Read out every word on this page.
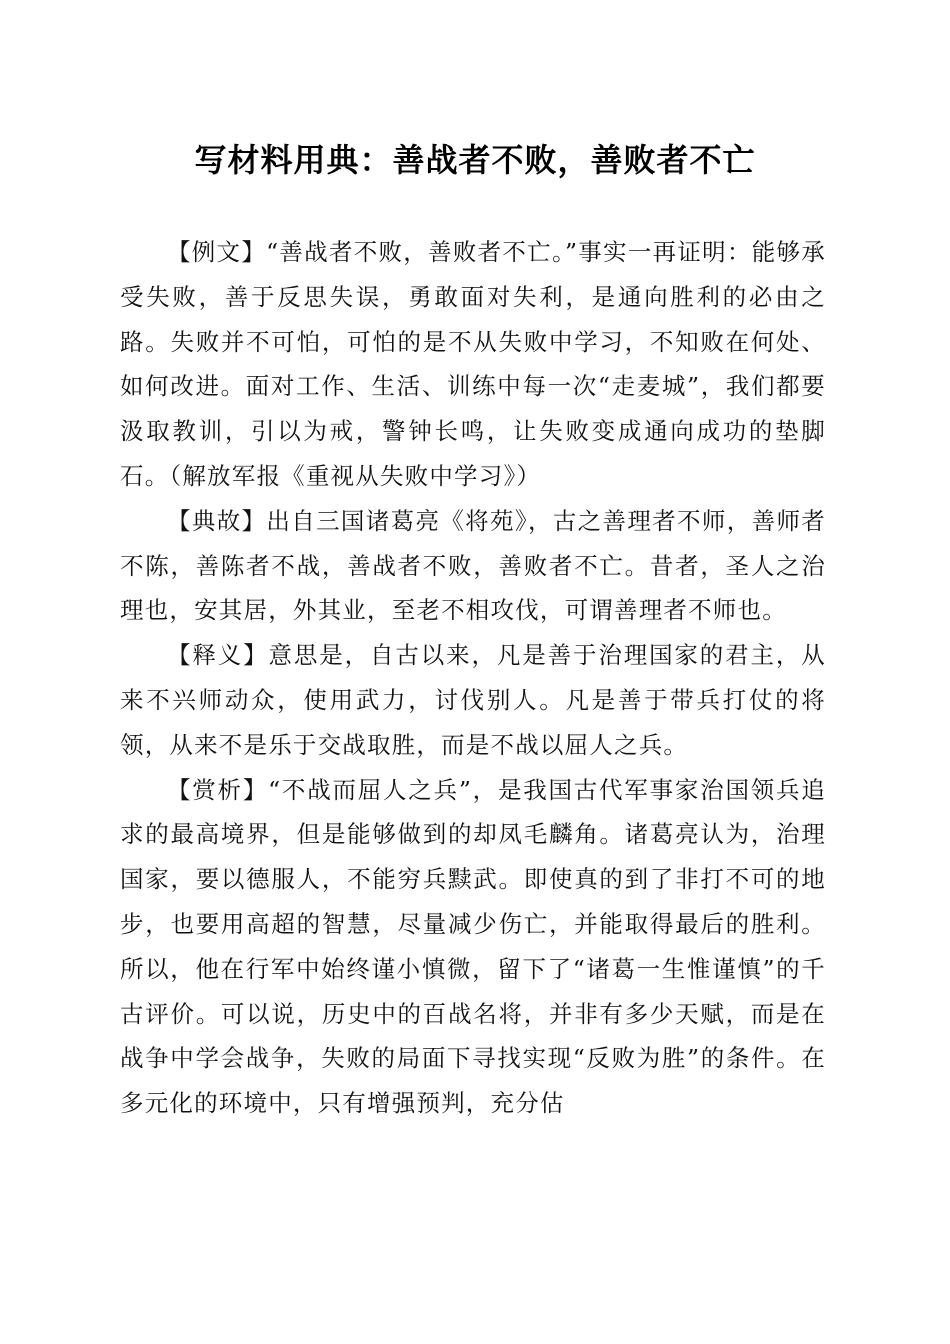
写材料用典：善战者不败，善败者不亡

【例文】“善战者不败，善败者不亡。”事实一再证明：能够承受失败，善于反思失误，勇敢面对失利，是通向胜利的必由之路。失败并不可怕，可怕的是不从失败中学习，不知败在何处、如何改进。面对工作、生活、训练中每一次“走麦城”，我们都要汲取教训，引以为戒，警钟长鸣，让失败变成通向成功的垫脚石。（解放军报《重视从失败中学习》）

【典故】出自三国诸葛亮《将苑》，古之善理者不师，善师者不陈，善陈者不战，善战者不败，善败者不亡。昔者，圣人之治理也，安其居，外其业，至老不相攻伐，可谓善理者不师也。

【释义】意思是，自古以来，凡是善于治理国家的君主，从来不兴师动众，使用武力，讨伐别人。凡是善于带兵打仗的将领，从来不是乐于交战取胜，而是不战以屈人之兵。

【赏析】“不战而屈人之兵”，是我国古代军事家治国领兵追求的最高境界，但是能够做到的却凤毛麟角。诸葛亮认为，治理国家，要以德服人，不能穷兵黩武。即使真的到了非打不可的地步，也要用高超的智慧，尽量减少伤亡，并能取得最后的胜利。所以，他在行军中始终谨小慎微，留下了“诸葛一生惟谨慎”的千古评价。可以说，历史中的百战名将，并非有多少天赋，而是在战争中学会战争，失败的局面下寻找实现“反败为胜”的条件。在多元化的环境中，只有增强预判，充分估
